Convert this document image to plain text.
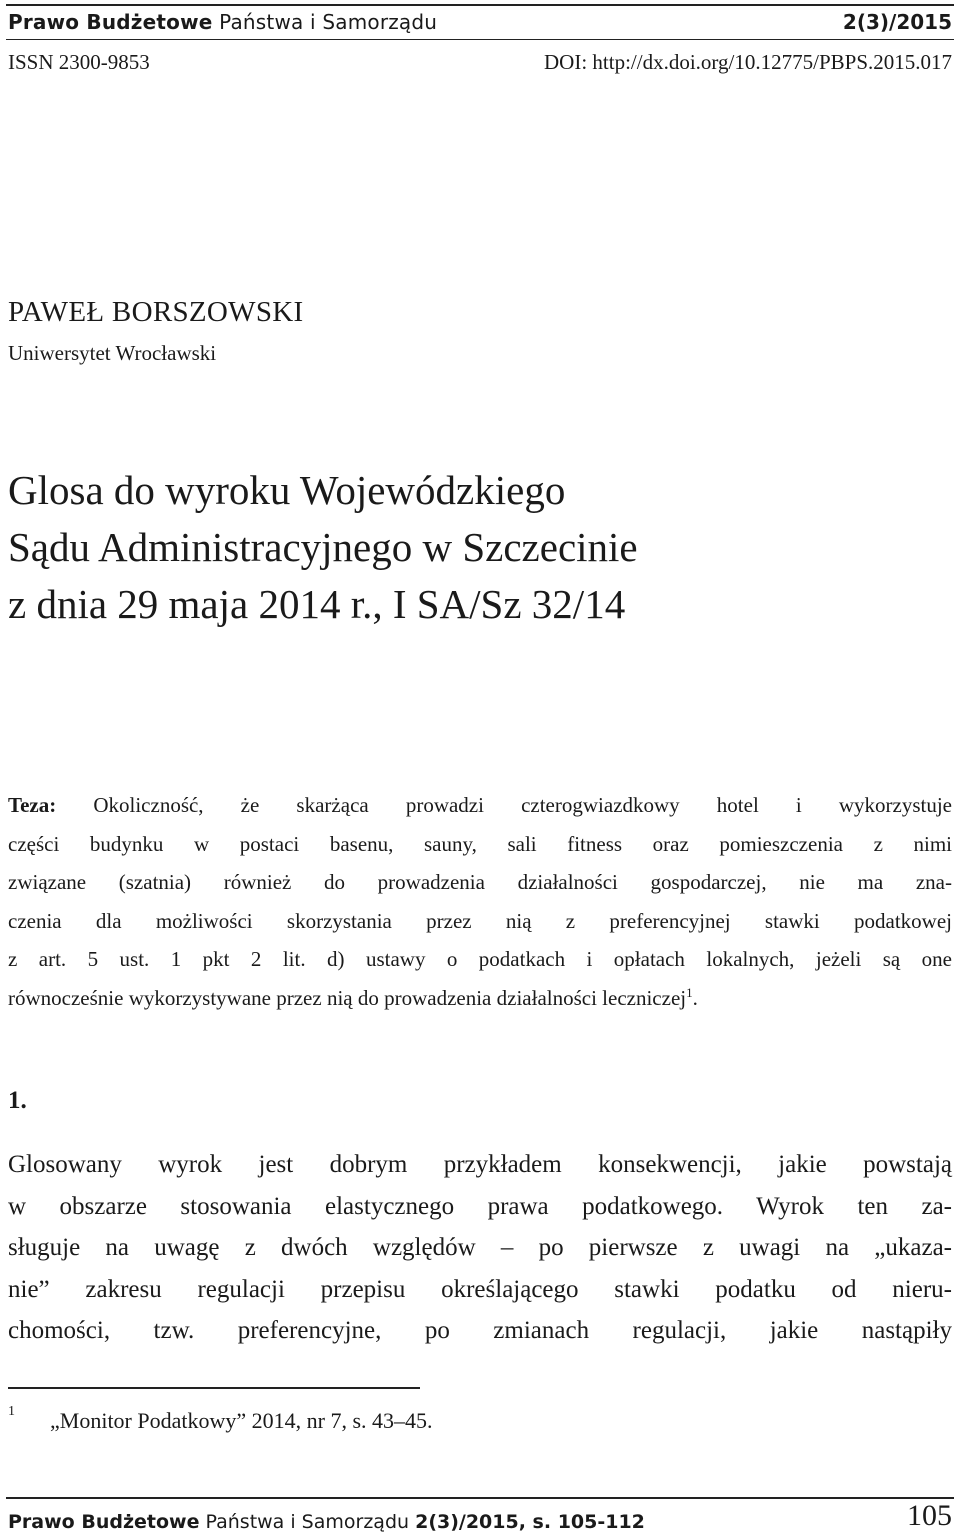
Prawo Budżetowe Państwa i Samorządu	2(3)/2015
ISSN 2300-9853	DOI: http://dx.doi.org/10.12775/PBPS.2015.017
PAWEŁ BORSZOWSKI
Uniwersytet Wrocławski
Glosa do wyroku Wojewódzkiego
Sądu Administracyjnego w Szczecinie
z dnia 29 maja 2014 r., I SA/Sz 32/14
Teza: Okoliczność, że skarżąca prowadzi czterogwiazdkowy hotel i wykorzystuje
części budynku w postaci basenu, sauny, sali fitness oraz pomieszczenia z nimi
związane (szatnia) również do prowadzenia działalności gospodarczej, nie ma zna-
czenia dla możliwości skorzystania przez nią z preferencyjnej stawki podatkowej
z art. 5 ust. 1 pkt 2 lit. d) ustawy o podatkach i opłatach lokalnych, jeżeli są one
równocześnie wykorzystywane przez nią do prowadzenia działalności leczniczej$^1$.
1.
Glosowany wyrok jest dobrym przykładem konsekwencji, jakie powstają
w obszarze stosowania elastycznego prawa podatkowego. Wyrok ten za-
sługuje na uwagę z dwóch względów – po pierwsze z uwagi na „ukaza-
nie” zakresu regulacji przepisu określającego stawki podatku od nieru-
chomości, tzw. preferencyjne, po zmianach regulacji, jakie nastąpiły
1 „Monitor Podatkowy” 2014, nr 7, s. 43–45.
Prawo Budżetowe Państwa i Samorządu 2(3)/2015, s. 105-112	105
